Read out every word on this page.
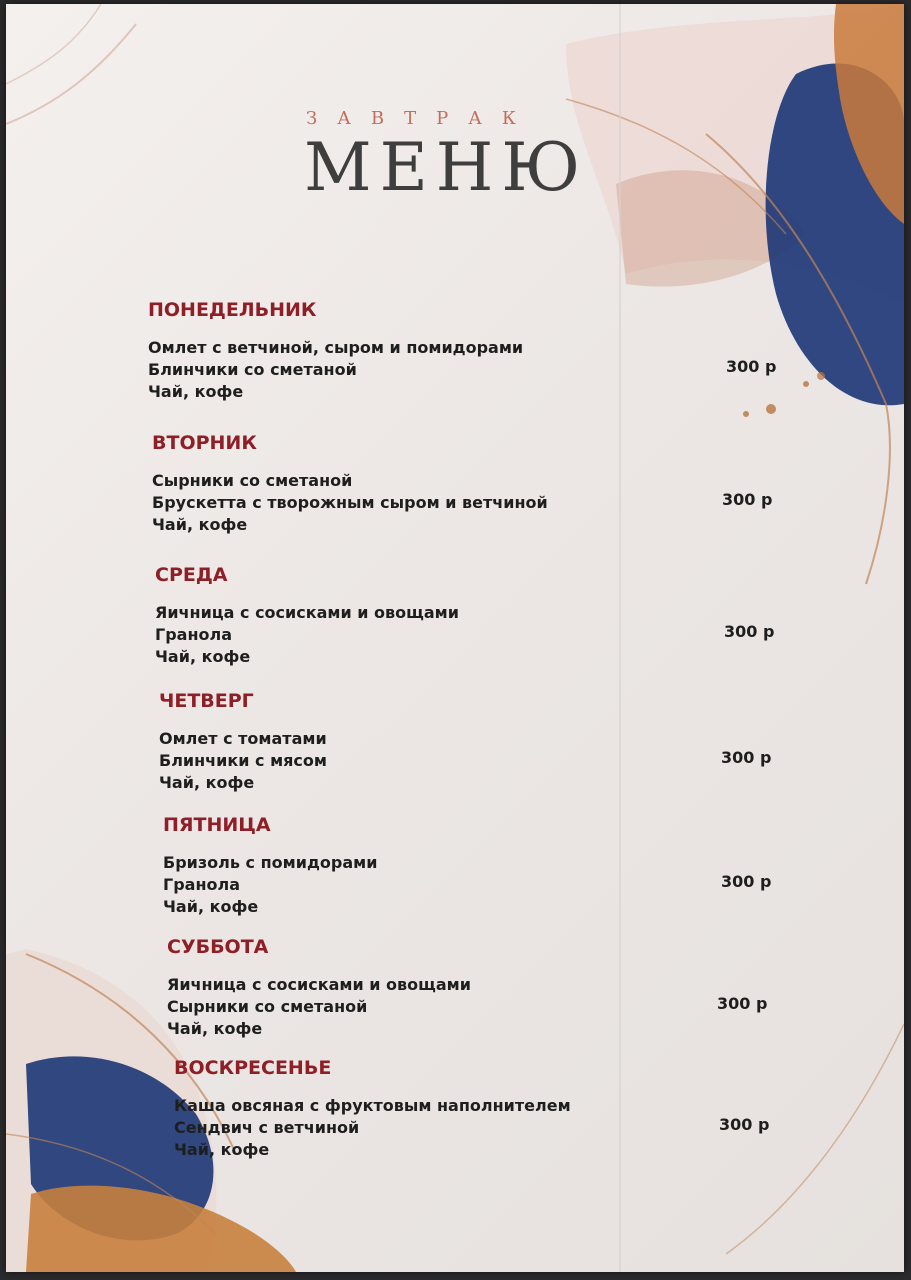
ЗАВТРАК
МЕНЮ
ПОНЕДЕЛЬНИК
Омлет с ветчиной, сыром и помидорами
Блинчики со сметаной
Чай, кофе
300 р
ВТОРНИК
Сырники со сметаной
Брускетта с творожным сыром и ветчиной
Чай, кофе
300 р
СРЕДА
Яичница с сосисками и овощами
Гранола
Чай, кофе
300 р
ЧЕТВЕРГ
Омлет с томатами
Блинчики с мясом
Чай, кофе
300 р
ПЯТНИЦА
Бризоль с помидорами
Гранола
Чай, кофе
300 р
СУББОТА
Яичница с сосисками и овощами
Сырники со сметаной
Чай, кофе
300 р
ВОСКРЕСЕНЬЕ
Каша овсяная с фруктовым наполнителем
Сендвич с ветчиной
Чай, кофе
300 р
